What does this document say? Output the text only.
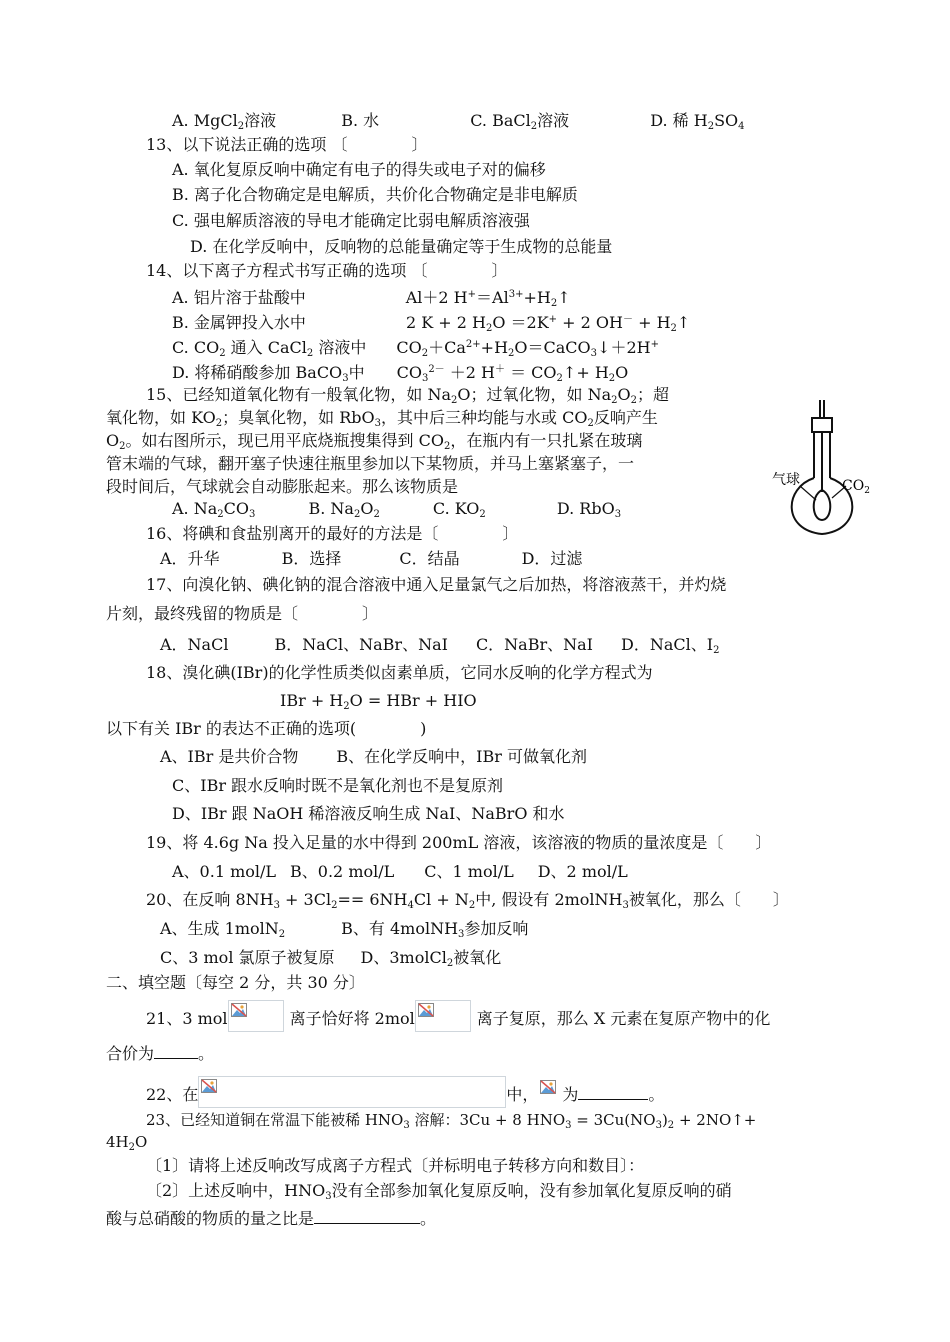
A. MgCl$_2$溶液	B. 水	C. BaCl$_2$溶液	D. 稀 $H_2SO_4$
13、以下说法正确的选项 〔　　　　〕
A. 氧化复原反响中确定有电子的得失或电子对的偏移
B. 离子化合物确定是电解质，共价化合物确定是非电解质
C. 强电解质溶液的导电才能确定比弱电解质溶液强
D. 在化学反响中，反响物的总能量确定等于生成物的总能量
14、以下离子方程式书写正确的选项 〔　　　　〕
A. 铝片溶于盐酸中	Al＋2 $H^+=Al^{3+}+H_2↑$
B. 金属钾投入水中	2 K + 2 $H_2O =2K^+ + 2$ $OH^- + H_2↑$
C. $CO_2$ 通入 CaCl$_2$ 溶液中 $CO_2+Ca^{2+}+H_2O=CaCO_3↓+2H^+$
D. 将稀硝酸参加 BaCO$_3$中 $CO_3^{2-} +2$ $H^+ = CO_2↑+ H_2O$
15、已经知道氧化物有一般氧化物，如 $Na_2O$；过氧化物，如 $Na_2O_2$；超
氧化物，如 $KO_2$；臭氧化物，如 RbO$_3$，其中后三种均能与水或 $CO_2$反响产生
$O_2$。如右图所示，现已用平底烧瓶搜集得到 $CO_2$，在瓶内有一只扎紧在玻璃
管末端的气球，翻开塞子快速往瓶里参加以下某物质，并马上塞紧塞子，一
段时间后，气球就会自动膨胀起来。那么该物质是
A. $Na_2CO_3$	B. $Na_2O_2$	C. $KO_2$	D. RbO$_3$
气球	$CO_2$
16、将碘和食盐别离开的最好的方法是〔　　　　〕
A．升华	B．选择	C．结晶	D．过滤
17、向溴化钠、碘化钠的混合溶液中通入足量氯气之后加热，将溶液蒸干，并灼烧
片刻，最终残留的物质是〔　　　　〕
A．NaCl	B．NaCl、NaBr、NaI C．NaBr、NaI D．NaCl、$I_2$
18、溴化碘(IBr)的化学性质类似卤素单质，它同水反响的化学方程式为
IBr + $H_2O$ = HBr + HIO
以下有关 IBr 的表达不正确的选项(　　　　)
A、IBr 是共价合物 B、在化学反响中，IBr 可做氧化剂
C、IBr 跟水反响时既不是氧化剂也不是复原剂
D、IBr 跟 NaOH 稀溶液反响生成 NaI、NaBrO 和水
19、将 4.6g Na 投入足量的水中得到 200mL 溶液，该溶液的物质的量浓度是〔　　〕
A、0.1 mol/L B、0.2 mol/L C、1 mol/L D、2 mol/L
20、在反响 $8NH_3 + 3Cl_2== 6NH_4Cl + N_2$中, 假设有 2molNH$_3$被氧化，那么〔　　〕
A、生成 1molN$_2$	B、有 4molNH$_3$参加反响
C、3 mol 氯原子被复原 D、3molCl$_2$被氧化
二、填空题〔每空 2 分，共 30 分〕
21、3 mol	离子恰好将 2mol	离子复原，那么 X 元素在复原产物中的化
合价为	。
22、在	中， 为	。
23、已经知道铜在常温下能被稀 $HNO_3$ 溶解：3Cu + 8 $HNO_3 = 3Cu(NO_3)_2$ + 2NO↑+
$4H_2O$
〔1〕请将上述反响改写成离子方程式〔并标明电子转移方向和数目〕：
〔2〕上述反响中，$HNO_3$没有全部参加氧化复原反响，没有参加氧化复原反响的硝
酸与总硝酸的物质的量之比是	。
